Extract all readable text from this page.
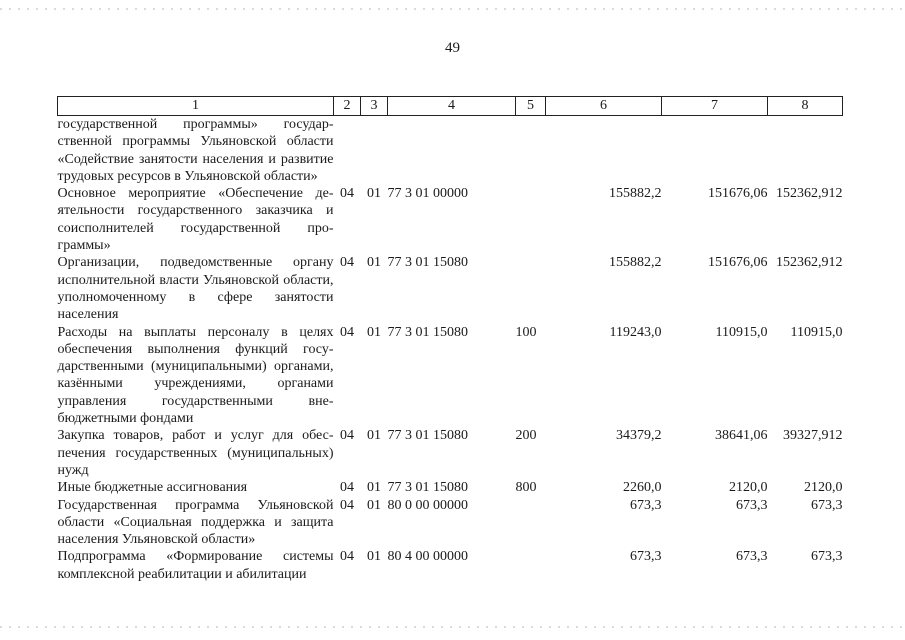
49
1	2	3	4	5	6	7	8
государственной программы» государственной программы Ульяновской области «Содействие занятости населения и развитие трудовых ресурсов в Ульяновской области»							
Основное мероприятие «Обеспечение деятельности государственного заказчика и соисполнителей государственной программы»	04	01	77 3 01 00000		155882,2	151676,06	152362,912
Организации, подведомственные органу исполнительной власти Ульяновской области, уполномоченному в сфере занятости населения	04	01	77 3 01 15080		155882,2	151676,06	152362,912
Расходы на выплаты персоналу в целях обеспечения выполнения функций государственными (муниципальными) органами, казёнными учреждениями, органами управления государственными внебюджетными фондами	04	01	77 3 01 15080	100	119243,0	110915,0	110915,0
Закупка товаров, работ и услуг для обеспечения государственных (муниципальных) нужд	04	01	77 3 01 15080	200	34379,2	38641,06	39327,912
Иные бюджетные ассигнования	04	01	77 3 01 15080	800	2260,0	2120,0	2120,0
Государственная программа Ульяновской области «Социальная поддержка и защита населения Ульяновской области»	04	01	80 0 00 00000		673,3	673,3	673,3
Подпрограмма «Формирование системы комплексной реабилитации и абилитации	04	01	80 4 00 00000		673,3	673,3	673,3
